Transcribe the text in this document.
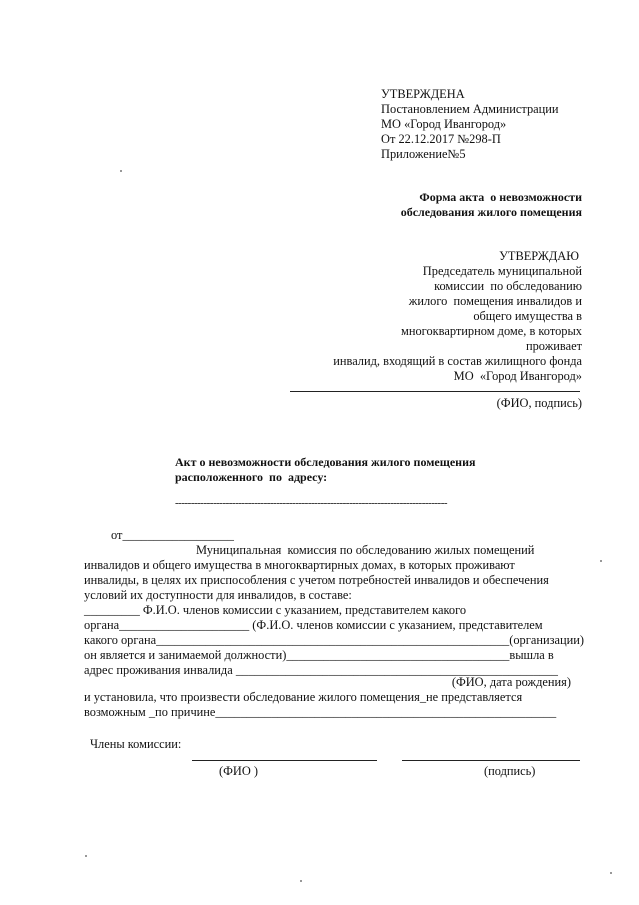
УТВЕРЖДЕНА
Постановлением Администрации
МО «Город Ивангород»
От 22.12.2017 №298-П
Приложение№5
Форма акта  о невозможности
обследования жилого помещения
УТВЕРЖДАЮ
Председатель муниципальной
комиссии  по обследованию
жилого  помещения инвалидов и
общего имущества в
многоквартирном доме, в которых
проживает
инвалид, входящий в состав жилищного фонда
МО  «Город Ивангород»
(ФИО, подпись)
Акт о невозможности обследования жилого помещения
расположенного  по  адресу:
--------------------------------------------------------------------------------------
от__________________
Муниципальная  комиссия по обследованию жилых помещений
инвалидов и общего имущества в многоквартирных домах, в которых проживают
инвалиды, в целях их приспособления с учетом потребностей инвалидов и обеспечения
условий их доступности для инвалидов, в составе:
_________ Ф.И.О. членов комиссии с указанием, представителем какого
органа_____________________ (Ф.И.О. членов комиссии с указанием, представителем
какого органа_________________________________________________________(организации)
он является и занимаемой должности)____________________________________вышла в
адрес проживания инвалида ____________________________________________________
(ФИО, дата рождения)
и установила, что произвести обследование жилого помещения_не представляется
возможным _по причине_______________________________________________________
Члены комиссии:
(ФИО )	(подпись)
